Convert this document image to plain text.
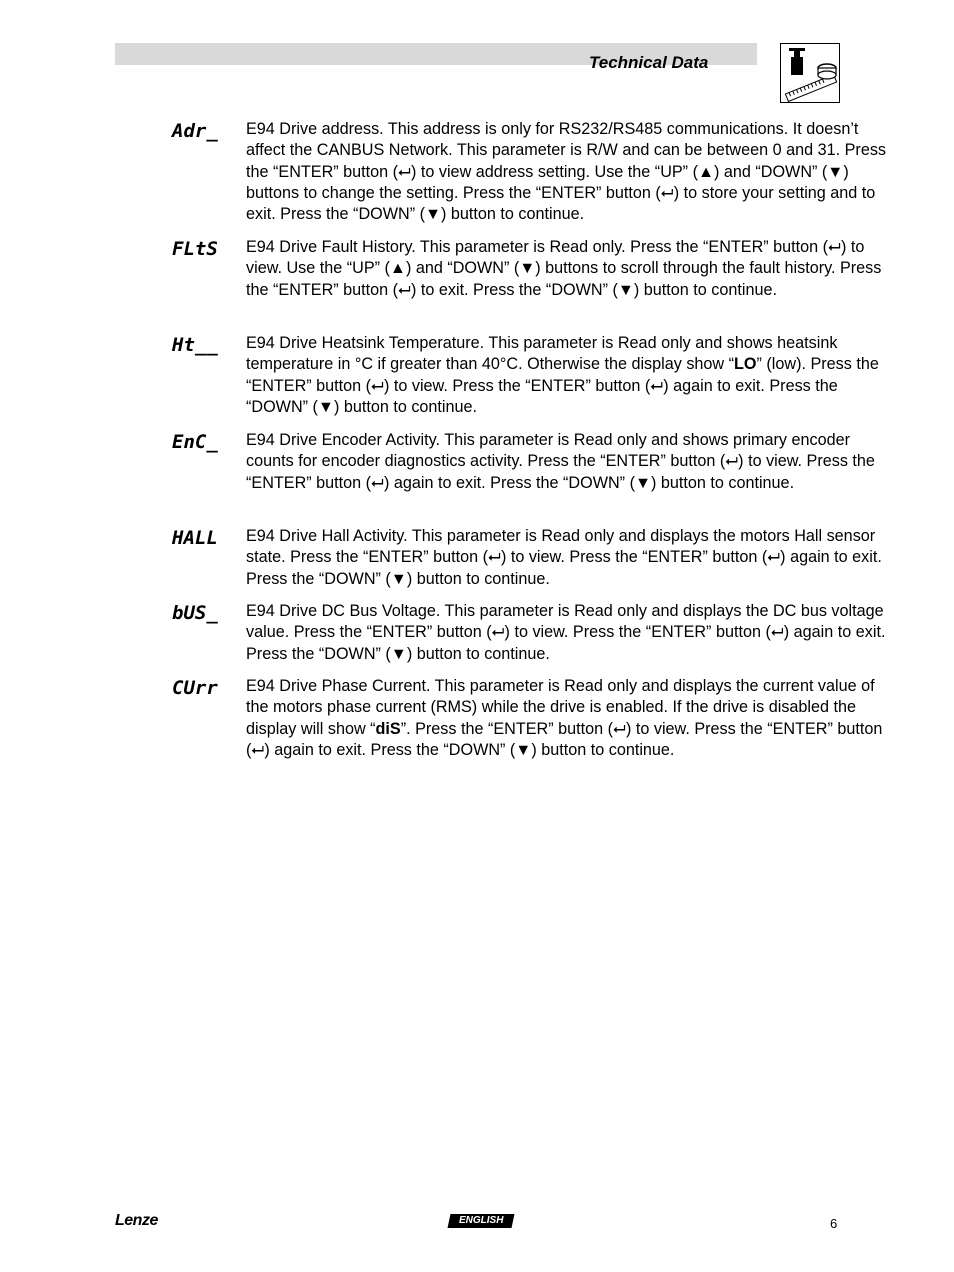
Technical Data
Adr_ E94 Drive address. This address is only for RS232/RS485 communications. It doesn’t affect the CANBUS Network. This parameter is R/W and can be between 0 and 31. Press the “ENTER” button (⮠) to view address setting. Use the “UP” (▲) and “DOWN” (▼) buttons to change the setting. Press the “ENTER” button (⮠) to store your setting and to exit. Press the “DOWN” (▼) button to continue.
FLtS E94 Drive Fault History. This parameter is Read only. Press the “ENTER” button (⮠) to view. Use the “UP” (▲) and “DOWN” (▼) buttons to scroll through the fault history. Press the “ENTER” button (⮠) to exit. Press the “DOWN” (▼) button to continue.
Ht__ E94 Drive Heatsink Temperature. This parameter is Read only and shows heatsink temperature in °C if greater than 40°C. Otherwise the display show “LO” (low). Press the “ENTER” button (⮠) to view. Press the “ENTER” button (⮠) again to exit. Press the “DOWN” (▼) button to continue.
EnC_ E94 Drive Encoder Activity. This parameter is Read only and shows primary encoder counts for encoder diagnostics activity. Press the “ENTER” button (⮠) to view. Press the “ENTER” button (⮠) again to exit. Press the “DOWN” (▼) button to continue.
HALL E94 Drive Hall Activity. This parameter is Read only and displays the motors Hall sensor state. Press the “ENTER” button (⮠) to view. Press the “ENTER” button (⮠) again to exit. Press the “DOWN” (▼) button to continue.
bUS_ E94 Drive DC Bus Voltage. This parameter is Read only and displays the DC bus voltage value. Press the “ENTER” button (⮠) to view. Press the “ENTER” button (⮠) again to exit. Press the “DOWN” (▼) button to continue.
CUrr E94 Drive Phase Current. This parameter is Read only and displays the current value of the motors phase current (RMS) while the drive is enabled. If the drive is disabled the display will show “diS”. Press the “ENTER” button (⮠) to view. Press the “ENTER” button (⮠) again to exit. Press the “DOWN” (▼) button to continue.
Lenze	ENGLISH	6
